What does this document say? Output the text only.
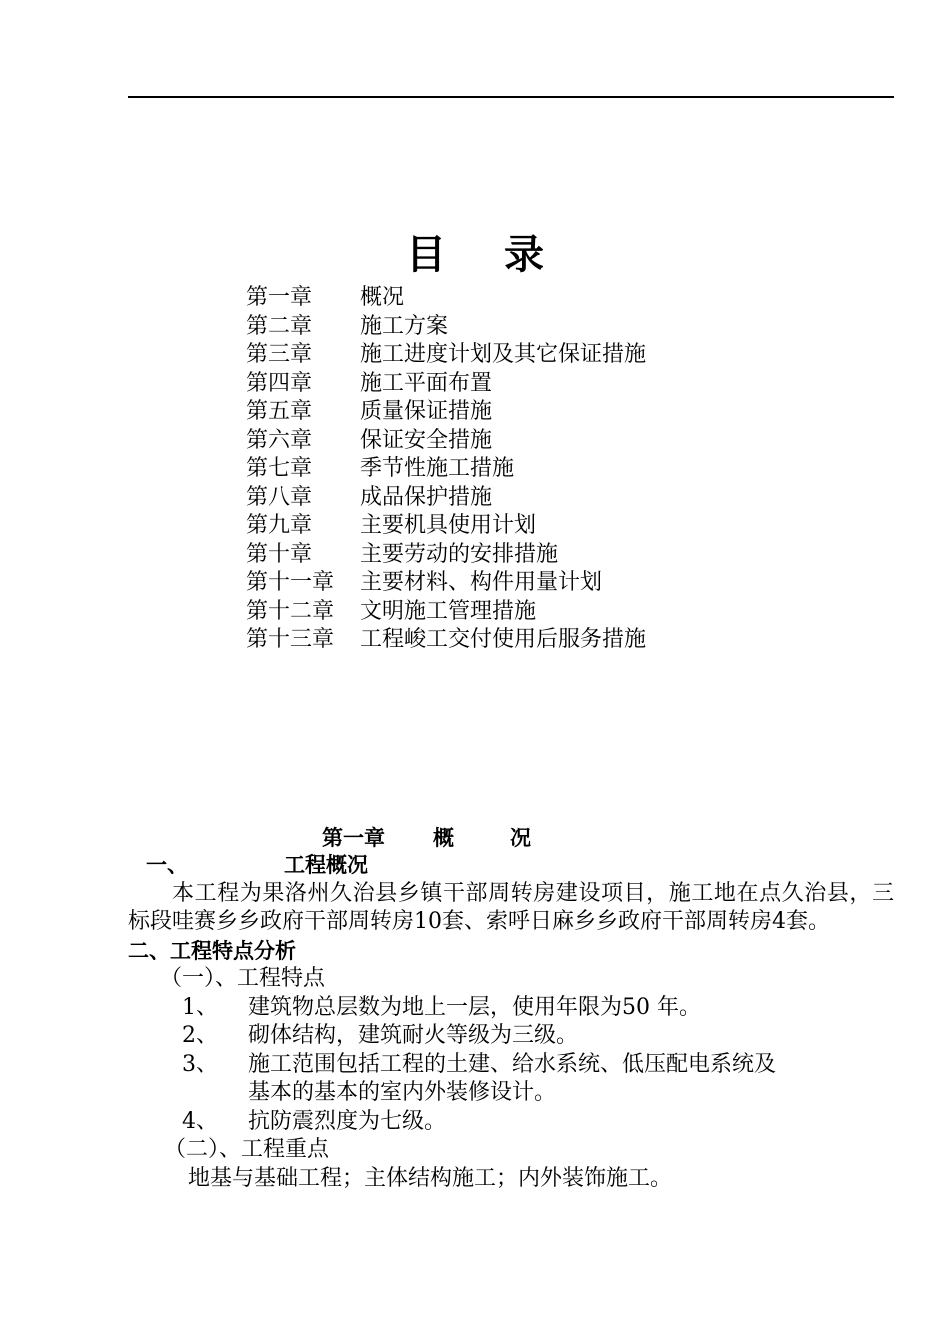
目 录
第一章 概况
第二章 施工方案
第三章 施工进度计划及其它保证措施
第四章 施工平面布置
第五章 质量保证措施
第六章 保证安全措施
第七章 季节性施工措施
第八章 成品保护措施
第九章 主要机具使用计划
第十章 主要劳动的安排措施
第十一章 主要材料、构件用量计划
第十二章 文明施工管理措施
第十三章 工程峻工交付使用后服务措施
第一章 概	况
一、	工程概况
本工程为果洛州久治县乡镇干部周转房建设项目，施工地在点久治县，三标段哇赛乡乡政府干部周转房10套、索呼日麻乡乡政府干部周转房4套。
二、工程特点分析
（一）、工程特点
1、 建筑物总层数为地上一层，使用年限为50 年。
2、 砌体结构，建筑耐火等级为三级。
3、 施工范围包括工程的土建、给水系统、低压配电系统及
基本的基本的室内外装修设计。
4、 抗防震烈度为七级。
（二）、工程重点
地基与基础工程；主体结构施工；内外装饰施工。
